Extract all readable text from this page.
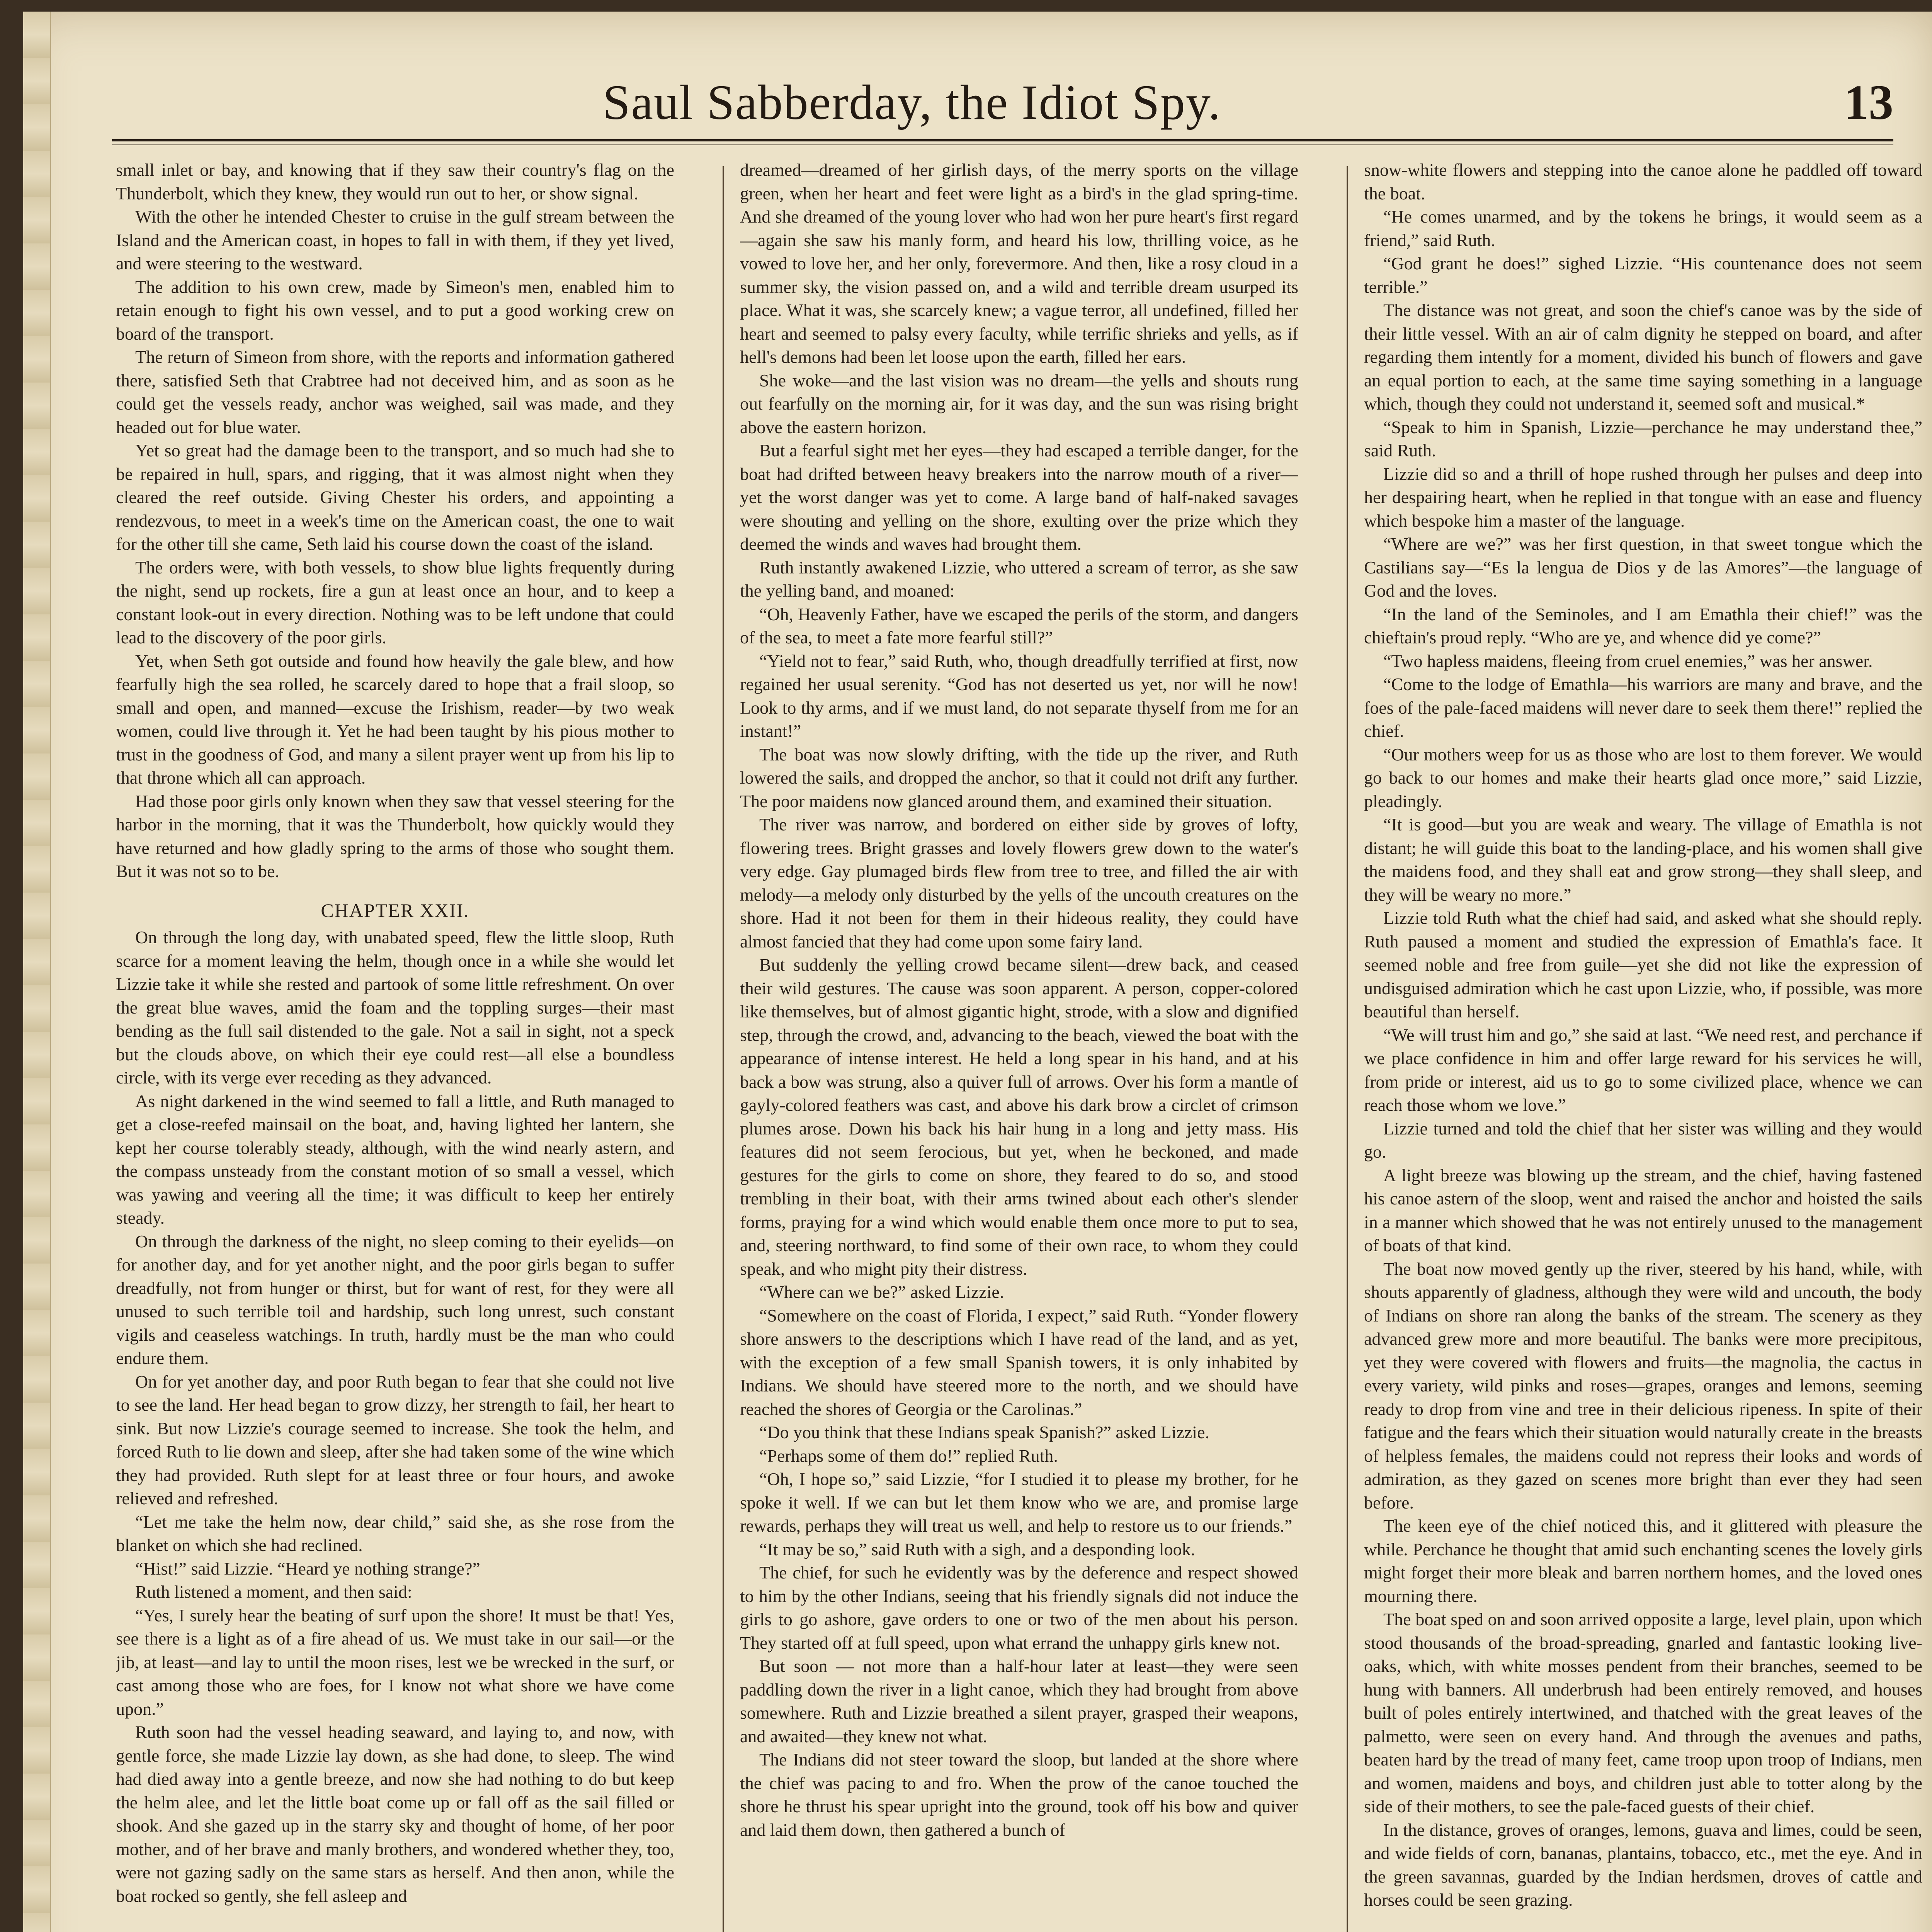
Saul Sabberday, the Idiot Spy.	13

small inlet or bay, and knowing that if they saw their country's flag on the Thunderbolt, which they knew, they would run out to her, or show signal.

With the other he intended Chester to cruise in the gulf stream between the Island and the American coast, in hopes to fall in with them, if they yet lived, and were steering to the westward.

The addition to his own crew, made by Simeon's men, enabled him to retain enough to fight his own vessel, and to put a good working crew on board of the transport.

The return of Simeon from shore, with the reports and information gathered there, satisfied Seth that Crabtree had not deceived him, and as soon as he could get the vessels ready, anchor was weighed, sail was made, and they headed out for blue water.

Yet so great had the damage been to the transport, and so much had she to be repaired in hull, spars, and rigging, that it was almost night when they cleared the reef outside. Giving Chester his orders, and appointing a rendezvous, to meet in a week's time on the American coast, the one to wait for the other till she came, Seth laid his course down the coast of the island.

The orders were, with both vessels, to show blue lights frequently during the night, send up rockets, fire a gun at least once an hour, and to keep a constant look-out in every direction. Nothing was to be left undone that could lead to the discovery of the poor girls.

Yet, when Seth got outside and found how heavily the gale blew, and how fearfully high the sea rolled, he scarcely dared to hope that a frail sloop, so small and open, and manned—excuse the Irishism, reader—by two weak women, could live through it. Yet he had been taught by his pious mother to trust in the goodness of God, and many a silent prayer went up from his lip to that throne which all can approach.

Had those poor girls only known when they saw that vessel steering for the harbor in the morning, that it was the Thunderbolt, how quickly would they have returned and how gladly spring to the arms of those who sought them. But it was not so to be.

CHAPTER XXII.

On through the long day, with unabated speed, flew the little sloop, Ruth scarce for a moment leaving the helm, though once in a while she would let Lizzie take it while she rested and partook of some little refreshment. On over the great blue waves, amid the foam and the toppling surges—their mast bending as the full sail distended to the gale. Not a sail in sight, not a speck but the clouds above, on which their eye could rest—all else a boundless circle, with its verge ever receding as they advanced.

As night darkened in the wind seemed to fall a little, and Ruth managed to get a close-reefed mainsail on the boat, and, having lighted her lantern, she kept her course tolerably steady, although, with the wind nearly astern, and the compass unsteady from the constant motion of so small a vessel, which was yawing and veering all the time; it was difficult to keep her entirely steady.

On through the darkness of the night, no sleep coming to their eyelids—on for another day, and for yet another night, and the poor girls began to suffer dreadfully, not from hunger or thirst, but for want of rest, for they were all unused to such terrible toil and hardship, such long unrest, such constant vigils and ceaseless watchings. In truth, hardly must be the man who could endure them.

On for yet another day, and poor Ruth began to fear that she could not live to see the land. Her head began to grow dizzy, her strength to fail, her heart to sink. But now Lizzie's courage seemed to increase. She took the helm, and forced Ruth to lie down and sleep, after she had taken some of the wine which they had provided. Ruth slept for at least three or four hours, and awoke relieved and refreshed.

“Let me take the helm now, dear child,” said she, as she rose from the blanket on which she had reclined.

“Hist!” said Lizzie. “Heard ye nothing strange?”

Ruth listened a moment, and then said:

“Yes, I surely hear the beating of surf upon the shore! It must be that! Yes, see there is a light as of a fire ahead of us. We must take in our sail—or the jib, at least—and lay to until the moon rises, lest we be wrecked in the surf, or cast among those who are foes, for I know not what shore we have come upon.”

Ruth soon had the vessel heading seaward, and laying to, and now, with gentle force, she made Lizzie lay down, as she had done, to sleep. The wind had died away into a gentle breeze, and now she had nothing to do but keep the helm alee, and let the little boat come up or fall off as the sail filled or shook. And she gazed up in the starry sky and thought of home, of her poor mother, and of her brave and manly brothers, and wondered whether they, too, were not gazing sadly on the same stars as herself. And then anon, while the boat rocked so gently, she fell asleep and

dreamed—dreamed of her girlish days, of the merry sports on the village green, when her heart and feet were light as a bird's in the glad spring-time. And she dreamed of the young lover who had won her pure heart's first regard—again she saw his manly form, and heard his low, thrilling voice, as he vowed to love her, and her only, forevermore. And then, like a rosy cloud in a summer sky, the vision passed on, and a wild and terrible dream usurped its place. What it was, she scarcely knew; a vague terror, all undefined, filled her heart and seemed to palsy every faculty, while terrific shrieks and yells, as if hell's demons had been let loose upon the earth, filled her ears.

She woke—and the last vision was no dream—the yells and shouts rung out fearfully on the morning air, for it was day, and the sun was rising bright above the eastern horizon.

But a fearful sight met her eyes—they had escaped a terrible danger, for the boat had drifted between heavy breakers into the narrow mouth of a river—yet the worst danger was yet to come. A large band of half-naked savages were shouting and yelling on the shore, exulting over the prize which they deemed the winds and waves had brought them.

Ruth instantly awakened Lizzie, who uttered a scream of terror, as she saw the yelling band, and moaned:

“Oh, Heavenly Father, have we escaped the perils of the storm, and dangers of the sea, to meet a fate more fearful still?”

“Yield not to fear,” said Ruth, who, though dreadfully terrified at first, now regained her usual serenity. “God has not deserted us yet, nor will he now! Look to thy arms, and if we must land, do not separate thyself from me for an instant!”

The boat was now slowly drifting, with the tide up the river, and Ruth lowered the sails, and dropped the anchor, so that it could not drift any further. The poor maidens now glanced around them, and examined their situation.

The river was narrow, and bordered on either side by groves of lofty, flowering trees. Bright grasses and lovely flowers grew down to the water's very edge. Gay plumaged birds flew from tree to tree, and filled the air with melody—a melody only disturbed by the yells of the uncouth creatures on the shore. Had it not been for them in their hideous reality, they could have almost fancied that they had come upon some fairy land.

But suddenly the yelling crowd became silent—drew back, and ceased their wild gestures. The cause was soon apparent. A person, copper-colored like themselves, but of almost gigantic hight, strode, with a slow and dignified step, through the crowd, and, advancing to the beach, viewed the boat with the appearance of intense interest. He held a long spear in his hand, and at his back a bow was strung, also a quiver full of arrows. Over his form a mantle of gayly-colored feathers was cast, and above his dark brow a circlet of crimson plumes arose. Down his back his hair hung in a long and jetty mass. His features did not seem ferocious, but yet, when he beckoned, and made gestures for the girls to come on shore, they feared to do so, and stood trembling in their boat, with their arms twined about each other's slender forms, praying for a wind which would enable them once more to put to sea, and, steering northward, to find some of their own race, to whom they could speak, and who might pity their distress.

“Where can we be?” asked Lizzie.

“Somewhere on the coast of Florida, I expect,” said Ruth. “Yonder flowery shore answers to the descriptions which I have read of the land, and as yet, with the exception of a few small Spanish towers, it is only inhabited by Indians. We should have steered more to the north, and we should have reached the shores of Georgia or the Carolinas.”

“Do you think that these Indians speak Spanish?” asked Lizzie.

“Perhaps some of them do!” replied Ruth.

“Oh, I hope so,” said Lizzie, “for I studied it to please my brother, for he spoke it well. If we can but let them know who we are, and promise large rewards, perhaps they will treat us well, and help to restore us to our friends.”

“It may be so,” said Ruth with a sigh, and a desponding look.

The chief, for such he evidently was by the deference and respect showed to him by the other Indians, seeing that his friendly signals did not induce the girls to go ashore, gave orders to one or two of the men about his person. They started off at full speed, upon what errand the unhappy girls knew not.

But soon — not more than a half-hour later at least—they were seen paddling down the river in a light canoe, which they had brought from above somewhere. Ruth and Lizzie breathed a silent prayer, grasped their weapons, and awaited—they knew not what.

The Indians did not steer toward the sloop, but landed at the shore where the chief was pacing to and fro. When the prow of the canoe touched the shore he thrust his spear upright into the ground, took off his bow and quiver and laid them down, then gathered a bunch of

snow-white flowers and stepping into the canoe alone he paddled off toward the boat.

“He comes unarmed, and by the tokens he brings, it would seem as a friend,” said Ruth.

“God grant he does!” sighed Lizzie. “His countenance does not seem terrible.”

The distance was not great, and soon the chief's canoe was by the side of their little vessel. With an air of calm dignity he stepped on board, and after regarding them intently for a moment, divided his bunch of flowers and gave an equal portion to each, at the same time saying something in a language which, though they could not understand it, seemed soft and musical.*

“Speak to him in Spanish, Lizzie—perchance he may understand thee,” said Ruth.

Lizzie did so and a thrill of hope rushed through her pulses and deep into her despairing heart, when he replied in that tongue with an ease and fluency which bespoke him a master of the language.

“Where are we?” was her first question, in that sweet tongue which the Castilians say—“Es la lengua de Dios y de las Amores”—the language of God and the loves.

“In the land of the Seminoles, and I am Emathla their chief!” was the chieftain's proud reply. “Who are ye, and whence did ye come?”

“Two hapless maidens, fleeing from cruel enemies,” was her answer.

“Come to the lodge of Emathla—his warriors are many and brave, and the foes of the pale-faced maidens will never dare to seek them there!” replied the chief.

“Our mothers weep for us as those who are lost to them forever. We would go back to our homes and make their hearts glad once more,” said Lizzie, pleadingly.

“It is good—but you are weak and weary. The village of Emathla is not distant; he will guide this boat to the landing-place, and his women shall give the maidens food, and they shall eat and grow strong—they shall sleep, and they will be weary no more.”

Lizzie told Ruth what the chief had said, and asked what she should reply. Ruth paused a moment and studied the expression of Emathla's face. It seemed noble and free from guile—yet she did not like the expression of undisguised admiration which he cast upon Lizzie, who, if possible, was more beautiful than herself.

“We will trust him and go,” she said at last. “We need rest, and perchance if we place confidence in him and offer large reward for his services he will, from pride or interest, aid us to go to some civilized place, whence we can reach those whom we love.”

Lizzie turned and told the chief that her sister was willing and they would go.

A light breeze was blowing up the stream, and the chief, having fastened his canoe astern of the sloop, went and raised the anchor and hoisted the sails in a manner which showed that he was not entirely unused to the management of boats of that kind.

The boat now moved gently up the river, steered by his hand, while, with shouts apparently of gladness, although they were wild and uncouth, the body of Indians on shore ran along the banks of the stream. The scenery as they advanced grew more and more beautiful. The banks were more precipitous, yet they were covered with flowers and fruits—the magnolia, the cactus in every variety, wild pinks and roses—grapes, oranges and lemons, seeming ready to drop from vine and tree in their delicious ripeness. In spite of their fatigue and the fears which their situation would naturally create in the breasts of helpless females, the maidens could not repress their looks and words of admiration, as they gazed on scenes more bright than ever they had seen before.

The keen eye of the chief noticed this, and it glittered with pleasure the while. Perchance he thought that amid such enchanting scenes the lovely girls might forget their more bleak and barren northern homes, and the loved ones mourning there.

The boat sped on and soon arrived opposite a large, level plain, upon which stood thousands of the broad-spreading, gnarled and fantastic looking live-oaks, which, with white mosses pendent from their branches, seemed to be hung with banners. All underbrush had been entirely removed, and houses built of poles entirely intertwined, and thatched with the great leaves of the palmetto, were seen on every hand. And through the avenues and paths, beaten hard by the tread of many feet, came troop upon troop of Indians, men and women, maidens and boys, and children just able to totter along by the side of their mothers, to see the pale-faced guests of their chief.

In the distance, groves of oranges, lemons, guava and limes, could be seen, and wide fields of corn, bananas, plantains, tobacco, etc., met the eye. And in the green savannas, guarded by the Indian herdsmen, droves of cattle and horses could be seen grazing.
